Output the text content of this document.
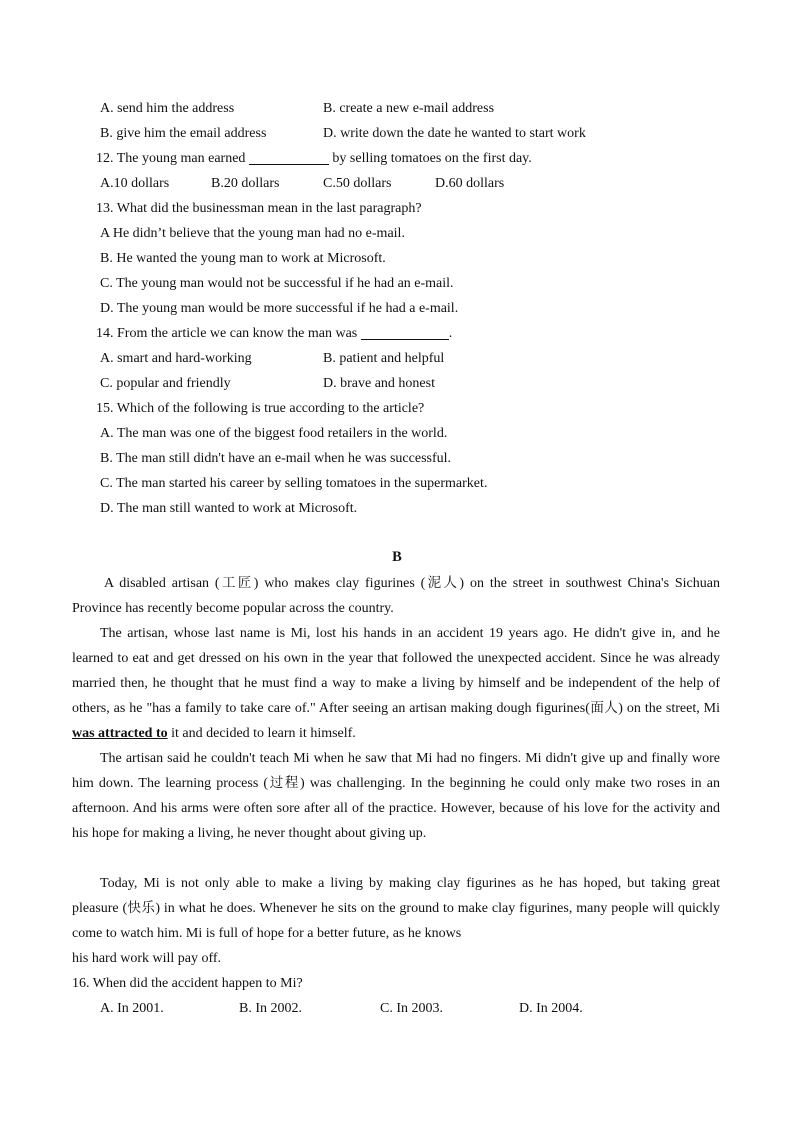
A. send him the address	B. create a new e-mail address
B. give him the email address	D. write down the date he wanted to start work
12. The young man earned	by selling tomatoes on the first day.
A.10 dollars	B.20 dollars	C.50 dollars	D.60 dollars
13. What did the businessman mean in the last paragraph?
A He didn’t believe that the young man had no e-mail.
B. He wanted the young man to work at Microsoft.
C. The young man would not be successful if he had an e-mail.
D. The young man would be more successful if he had a e-mail.
14. From the article we can know the man was	.
A. smart and hard-working	B. patient and helpful
C. popular and friendly	D. brave and honest
15. Which of the following is true according to the article?
A. The man was one of the biggest food retailers in the world.
B. The man still didn't have an e-mail when he was successful.
C. The man started his career by selling tomatoes in the supermarket.
D. The man still wanted to work at Microsoft.
B
A disabled artisan (工匠) who makes clay figurines (泥人) on the street in southwest China's Sichuan Province has recently become popular across the country.
The artisan, whose last name is Mi, lost his hands in an accident 19 years ago. He didn't give in, and he learned to eat and get dressed on his own in the year that followed the unexpected accident. Since he was already married then, he thought that he must find a way to make a living by himself and be independent of the help of others, as he "has a family to take care of." After seeing an artisan making dough figurines(面人) on the street, Mi was attracted to it and decided to learn it himself.
The artisan said he couldn't teach Mi when he saw that Mi had no fingers. Mi didn't give up and finally wore him down. The learning process (过程) was challenging. In the beginning he could only make two roses in an afternoon. And his arms were often sore after all of the practice. However, because of his love for the activity and his hope for making a living, he never thought about giving up.
Today, Mi is not only able to make a living by making clay figurines as he has hoped, but taking great pleasure (快乐) in what he does. Whenever he sits on the ground to make clay figurines, many people will quickly come to watch him. Mi is full of hope for a better future, as he knows
his hard work will pay off.
16. When did the accident happen to Mi?
A. In 2001.	B. In 2002.	C. In 2003.	D. In 2004.
